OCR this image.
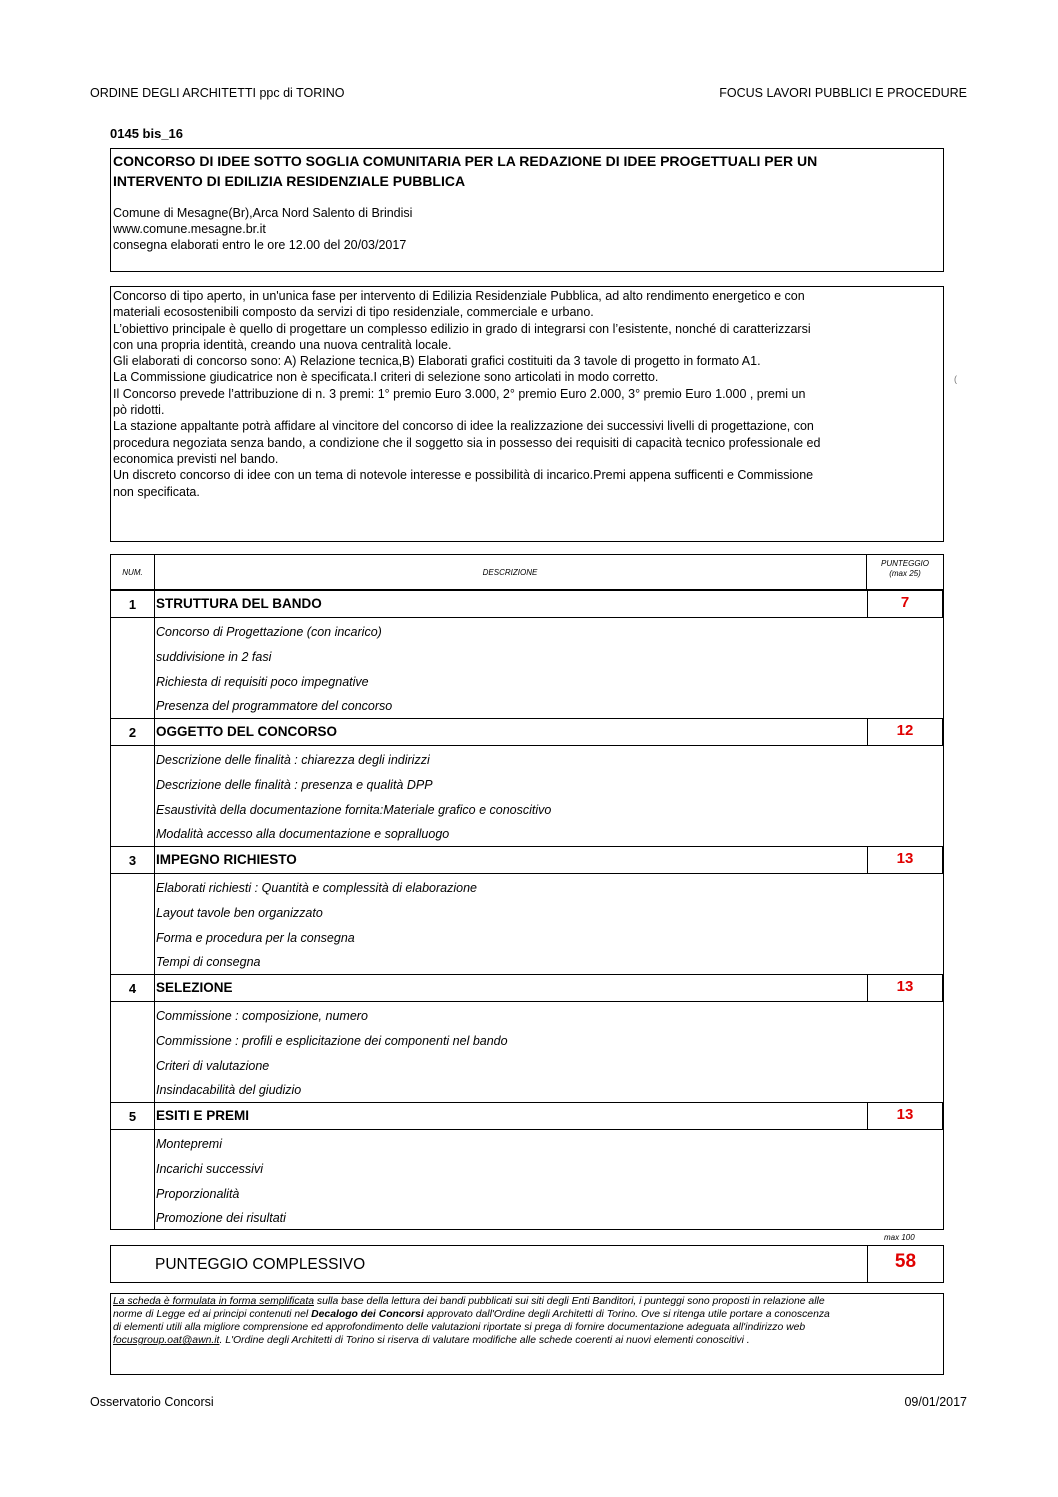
ORDINE DEGLI ARCHITETTI ppc di TORINO	FOCUS LAVORI PUBBLICI E PROCEDURE
0145 bis_16
CONCORSO DI IDEE SOTTO SOGLIA COMUNITARIA PER LA REDAZIONE DI IDEE PROGETTUALI PER UN
INTERVENTO DI EDILIZIA RESIDENZIALE PUBBLICA
Comune di Mesagne(Br),Arca Nord Salento di Brindisi
www.comune.mesagne.br.it
consegna elaborati entro le ore 12.00 del 20/03/2017

Concorso di tipo aperto, in un'unica fase per intervento di Edilizia Residenziale Pubblica, ad alto rendimento energetico e con

materiali ecosostenibili composto da servizi di tipo residenziale, commerciale e urbano.

L’obiettivo principale è quello di progettare un complesso edilizio in grado di integrarsi con l’esistente, nonché di caratterizzarsi

con una propria identità, creando una nuova centralità locale.

Gli elaborati di concorso sono: A) Relazione tecnica,B) Elaborati grafici costituiti da 3 tavole di progetto in formato A1.

La Commissione giudicatrice non è specificata.I criteri di selezione sono articolati in modo corretto.

Il Concorso prevede l’attribuzione di n. 3 premi: 1° premio Euro 3.000, 2° premio Euro 2.000, 3° premio Euro 1.000 , premi un

pò ridotti.

La stazione appaltante potrà affidare al vincitore del concorso di idee la realizzazione dei successivi livelli di progettazione, con

procedura negoziata senza bando, a condizione che il soggetto sia in possesso dei requisiti di capacità tecnico professionale ed

economica previsti nel bando.

Un discreto concorso di idee con un tema di notevole interesse e possibilità di incarico.Premi appena sufficenti e Commissione

non specificata.

(
NUM.	DESCRIZIONE
PUNTEGGIO
(max 25)
1	STRUTTURA DEL BANDO	7
Concorso di Progettazione (con incarico)
suddivisione in 2 fasi
Richiesta di requisiti poco impegnative
Presenza del programmatore del concorso
2	OGGETTO DEL CONCORSO	12
Descrizione delle finalità : chiarezza degli indirizzi
Descrizione delle finalità : presenza e qualità DPP
Esaustività della documentazione fornita:Materiale grafico e conoscitivo
Modalità accesso alla documentazione e sopralluogo
3	IMPEGNO RICHIESTO	13
Elaborati richiesti : Quantità e complessità di elaborazione
Layout tavole ben organizzato
Forma e procedura per la consegna
Tempi di consegna
4	SELEZIONE	13
Commissione : composizione, numero
Commissione : profili e esplicitazione dei componenti nel bando
Criteri di valutazione
Insindacabilità del giudizio
5	ESITI E PREMI	13
Montepremi
Incarichi successivi
Proporzionalità
Promozione dei risultati
max 100
PUNTEGGIO COMPLESSIVO	58

La scheda è formulata in forma semplificata sulla base della lettura dei bandi pubblicati sui siti degli Enti Banditori, i punteggi sono proposti in relazione alle

norme di Legge ed ai principi contenuti nel Decalogo dei Concorsi approvato dall'Ordine degli Architetti di Torino. Ove si ritenga utile portare a conoscenza

di elementi utili alla migliore comprensione ed approfondimento delle valutazioni riportate si prega di fornire documentazione adeguata all'indirizzo web

focusgroup.oat@awn.it. L'Ordine degli Architetti di Torino si riserva di valutare modifiche alle schede coerenti ai nuovi elementi conoscitivi .

Osservatorio Concorsi	09/01/2017
